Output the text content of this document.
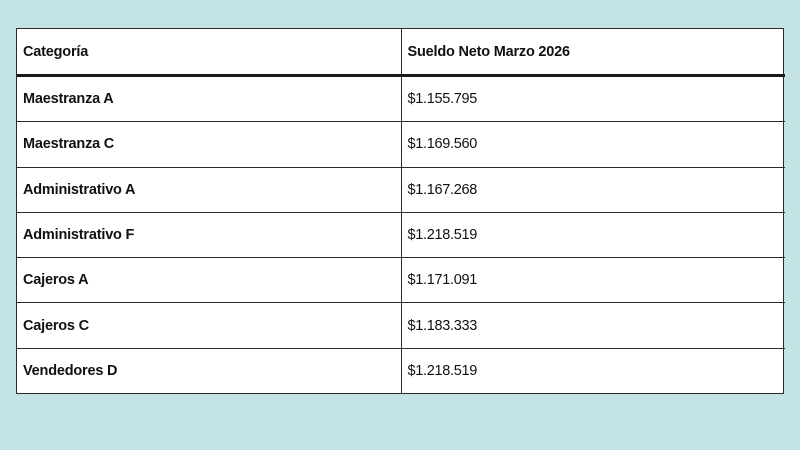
Categoría	Sueldo Neto Marzo 2026
Maestranza A	$1.155.795
Maestranza C	$1.169.560
Administrativo A	$1.167.268
Administrativo F	$1.218.519
Cajeros A	$1.171.091
Cajeros C	$1.183.333
Vendedores D	$1.218.519
